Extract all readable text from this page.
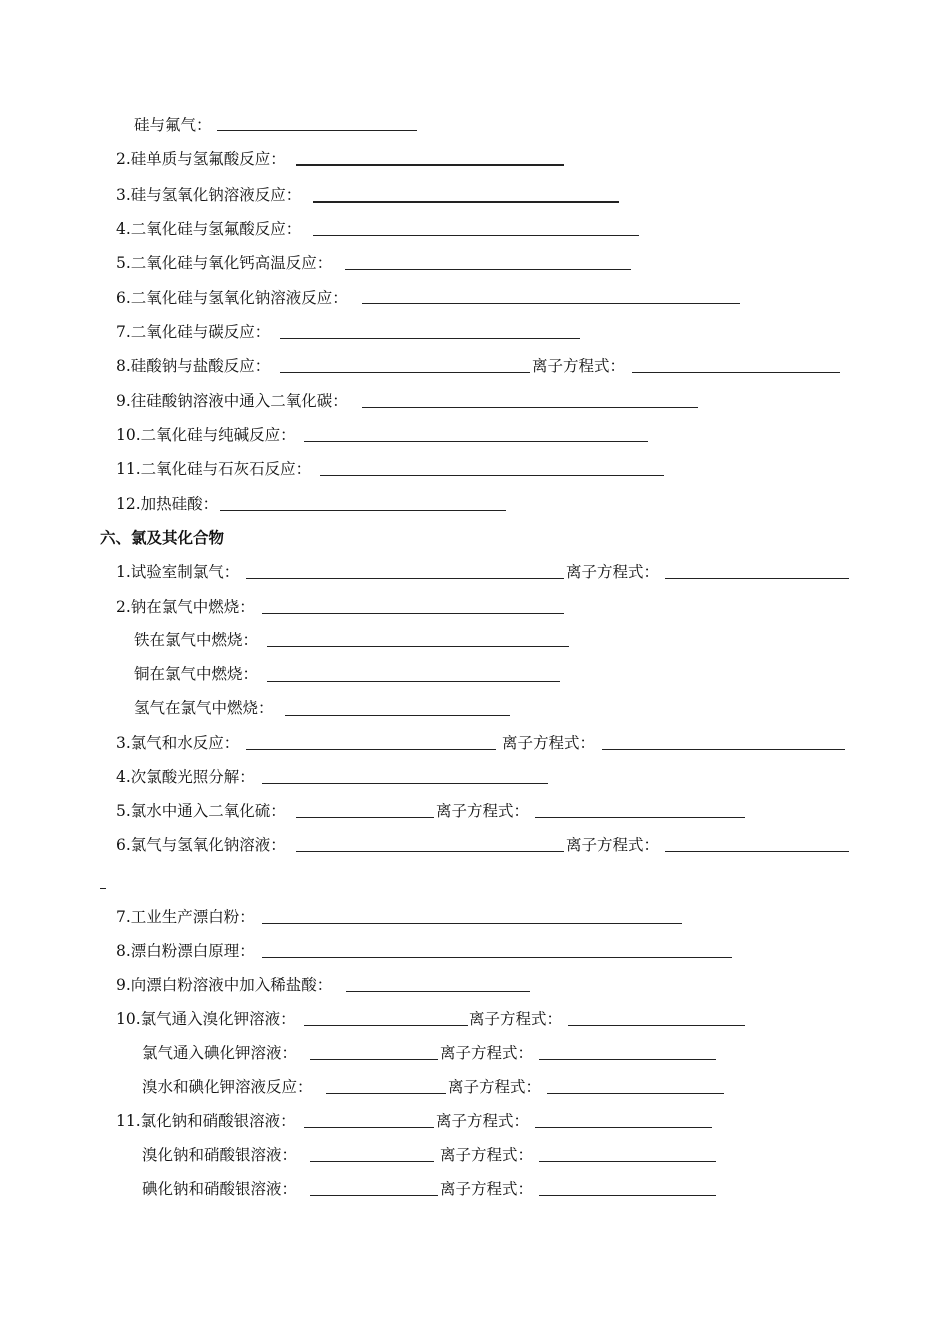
硅与氟气：
2.硅单质与氢氟酸反应：
3.硅与氢氧化钠溶液反应：
4.二氧化硅与氢氟酸反应：
5.二氧化硅与氧化钙高温反应：
6.二氧化硅与氢氧化钠溶液反应：
7.二氧化硅与碳反应：
8.硅酸钠与盐酸反应：	离子方程式：
9.往硅酸钠溶液中通入二氧化碳：
10.二氧化硅与纯碱反应：
11.二氧化硅与石灰石反应：
12.加热硅酸：
六、氯及其化合物
1.试验室制氯气：	离子方程式：
2.钠在氯气中燃烧：
铁在氯气中燃烧：
铜在氯气中燃烧：
氢气在氯气中燃烧：
3.氯气和水反应：	离子方程式：
4.次氯酸光照分解：
5.氯水中通入二氧化硫：	离子方程式：
6.氯气与氢氧化钠溶液：	离子方程式：
7.工业生产漂白粉：
8.漂白粉漂白原理：
9.向漂白粉溶液中加入稀盐酸：
10.氯气通入溴化钾溶液：	离子方程式：
氯气通入碘化钾溶液：	离子方程式：
溴水和碘化钾溶液反应：	离子方程式：
11.氯化钠和硝酸银溶液：	离子方程式：
溴化钠和硝酸银溶液：	离子方程式：
碘化钠和硝酸银溶液：	离子方程式：
